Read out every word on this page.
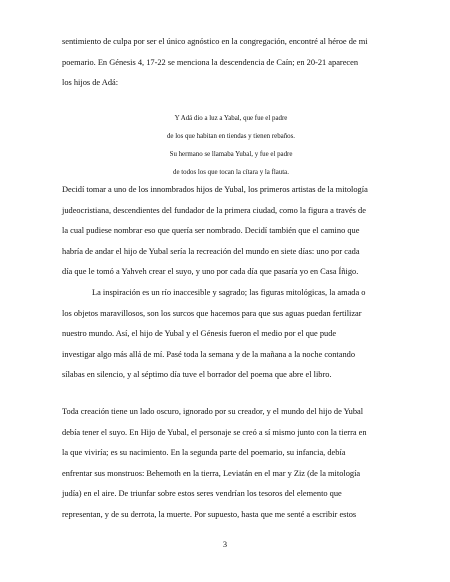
sentimiento de culpa por ser el único agnóstico en la congregación, encontré al héroe de mi
poemario. En Génesis 4, 17-22 se menciona la descendencia de Caín; en 20-21 aparecen
los hijos de Adá:
Y Adá dio a luz a Yabal, que fue el padre
de los que habitan en tiendas y tienen rebaños.
Su hermano se llamaba Yubal, y fue el padre
de todos los que tocan la cítara y la flauta.
Decidí tomar a uno de los innombrados hijos de Yubal, los primeros artistas de la mitología
judeocristiana, descendientes del fundador de la primera ciudad, como la figura a través de
la cual pudiese nombrar eso que quería ser nombrado. Decidí también que el camino que
habría de andar el hijo de Yubal sería la recreación del mundo en siete días: uno por cada
día que le tomó a Yahveh crear el suyo, y uno por cada día que pasaría yo en Casa Íñigo.
La inspiración es un río inaccesible y sagrado; las figuras mitológicas, la amada o
los objetos maravillosos, son los surcos que hacemos para que sus aguas puedan fertilizar
nuestro mundo. Así, el hijo de Yubal y el Génesis fueron el medio por el que pude
investigar algo más allá de mí. Pasé toda la semana y de la mañana a la noche contando
sílabas en silencio, y al séptimo día tuve el borrador del poema que abre el libro.
Toda creación tiene un lado oscuro, ignorado por su creador, y el mundo del hijo de Yubal
debía tener el suyo. En Hijo de Yubal, el personaje se creó a sí mismo junto con la tierra en
la que viviría; es su nacimiento. En la segunda parte del poemario, su infancia, debía
enfrentar sus monstruos: Behemoth en la tierra, Leviatán en el mar y Ziz (de la mitología
judía) en el aire. De triunfar sobre estos seres vendrían los tesoros del elemento que
representan, y de su derrota, la muerte. Por supuesto, hasta que me senté a escribir estos
3
